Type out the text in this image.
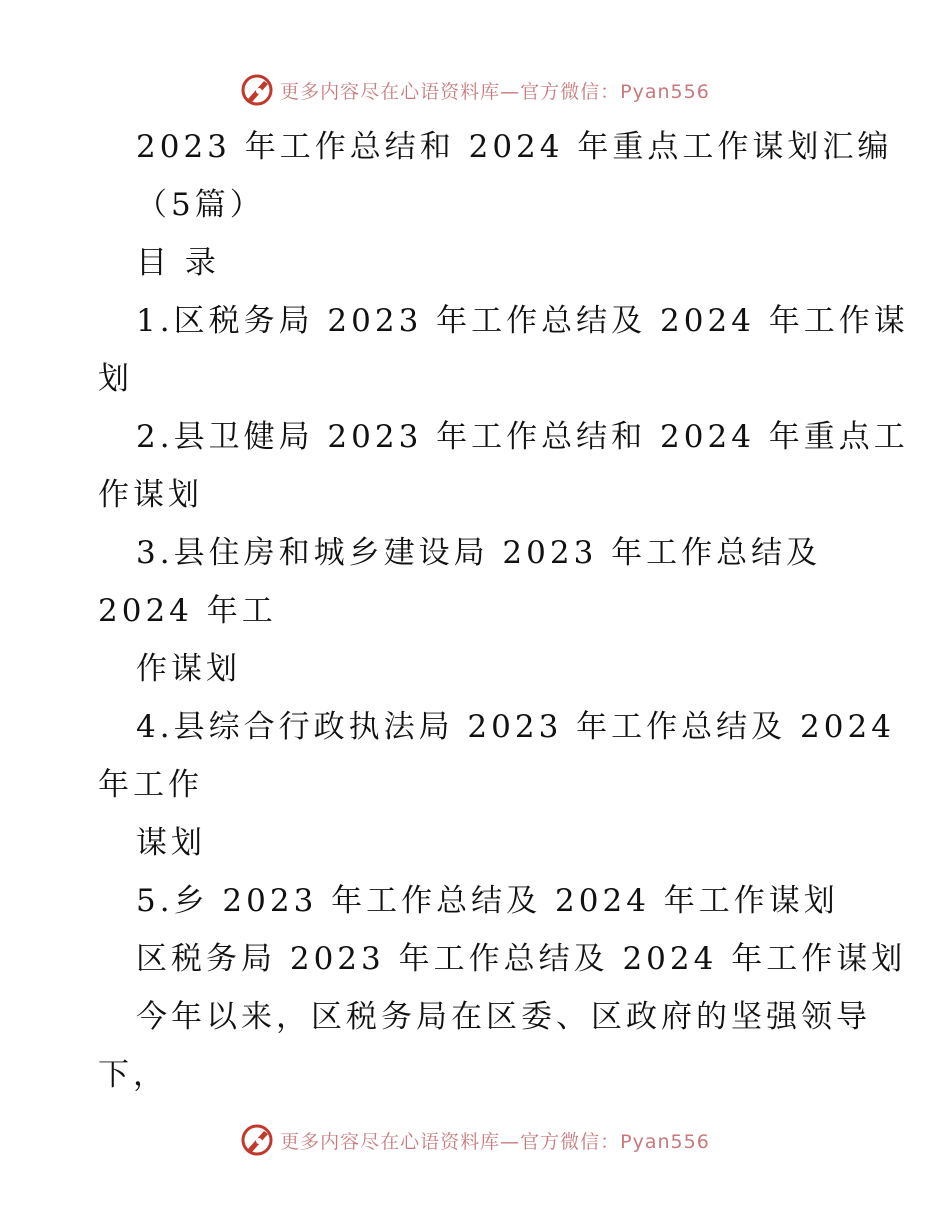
更多内容尽在心语资料库—官方微信：Pyan556
2023 年工作总结和 2024 年重点工作谋划汇编
（5篇）
目 录
1.区税务局 2023 年工作总结及 2024 年工作谋
划
2.县卫健局 2023 年工作总结和 2024 年重点工
作谋划
3.县住房和城乡建设局 2023 年工作总结及
2024 年工
作谋划
4.县综合行政执法局 2023 年工作总结及 2024
年工作
谋划
5.乡 2023 年工作总结及 2024 年工作谋划
区税务局 2023 年工作总结及 2024 年工作谋划
今年以来，区税务局在区委、区政府的坚强领导
下，
更多内容尽在心语资料库—官方微信：Pyan556
